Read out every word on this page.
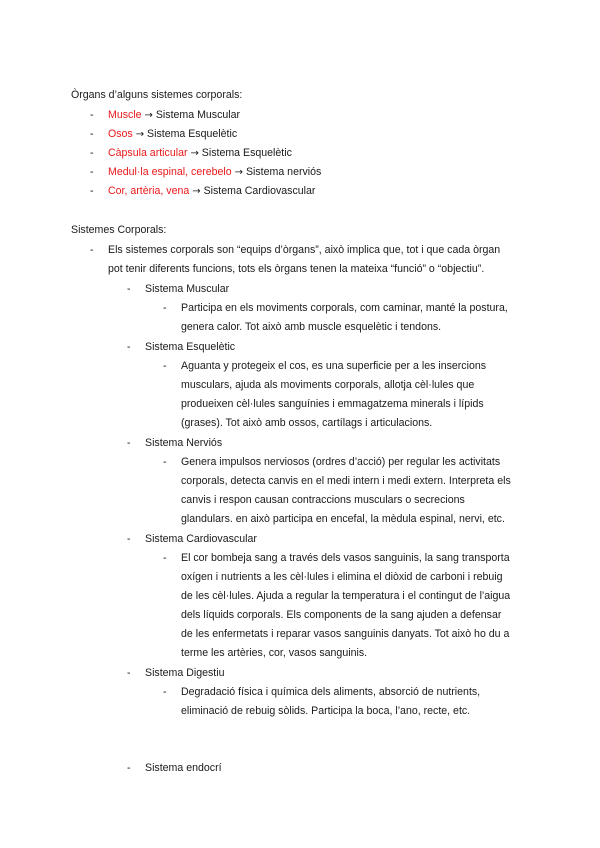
Òrgans d’alguns sistemes corporals:
- Muscle → Sistema Muscular
- Osos → Sistema Esquelètic
- Càpsula articular → Sistema Esquelètic
- Medul·la espinal, cerebelo → Sistema nerviós
- Cor, artèria, vena → Sistema Cardiovascular
Sistemes Corporals:
- Els sistemes corporals son “equips d’òrgans”, això implica que, tot i que cada òrgan
pot tenir diferents funcions, tots els òrgans tenen la mateixa “funció” o “objectiu”.
- Sistema Muscular
- Participa en els moviments corporals, com caminar, manté la postura,
genera calor. Tot això amb muscle esquelètic i tendons.
- Sistema Esquelètic
- Aguanta y protegeix el cos, es una superficie per a les insercions
musculars, ajuda als moviments corporals, allotja cèl·lules que
produeixen cèl·lules sanguínies i emmagatzema minerals i lípids
(grases). Tot això amb ossos, cartílags i articulacions.
- Sistema Nerviós
- Genera impulsos nerviosos (ordres d’acció) per regular les activitats
corporals, detecta canvis en el medi intern i medi extern. Interpreta els
canvis i respon causan contraccions musculars o secrecions
glandulars. en això participa en encefal, la mèdula espinal, nervi, etc.
- Sistema Cardiovascular
- El cor bombeja sang a través dels vasos sanguinis, la sang transporta
oxígen i nutrients a les cèl·lules i elimina el diòxid de carboni i rebuig
de les cèl·lules. Ajuda a regular la temperatura i el contingut de l’aigua
dels líquids corporals. Els components de la sang ajuden a defensar
de les enfermetats i reparar vasos sanguinis danyats. Tot això ho du a
terme les artèries, cor, vasos sanguinis.
- Sistema Digestiu
- Degradació física i química dels aliments, absorció de nutrients,
eliminació de rebuig sòlids. Participa la boca, l’ano, recte, etc.
- Sistema endocrí
